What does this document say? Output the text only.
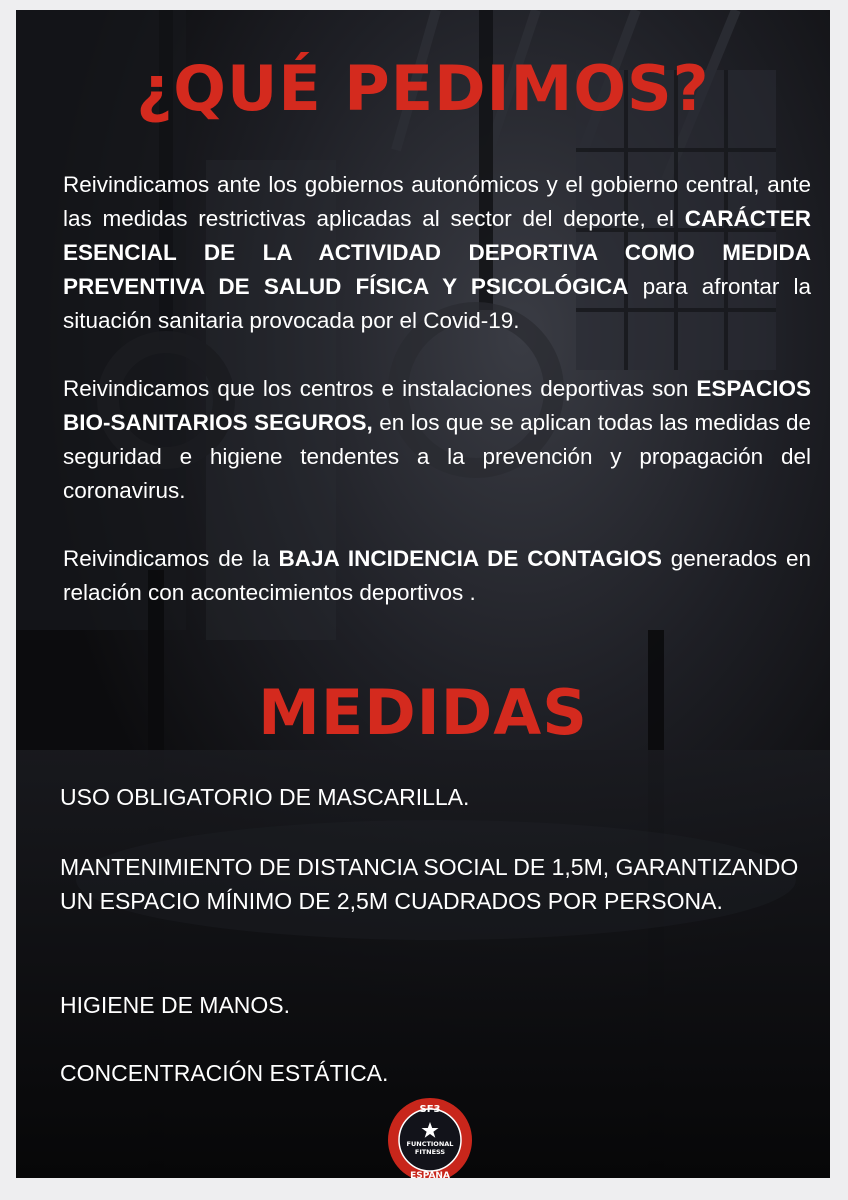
¿QUÉ PEDIMOS?

Reivindicamos ante los gobiernos autonómicos y el gobierno central, ante las medidas restrictivas aplicadas al sector del deporte, el CARÁCTER ESENCIAL DE LA ACTIVIDAD DEPORTIVA COMO MEDIDA PREVENTIVA DE SALUD FÍSICA Y PSICOLÓGICA para afrontar la situación sanitaria provocada por el Covid-19.

Reivindicamos que los centros e instalaciones deportivas son ESPACIOS BIO-SANITARIOS SEGUROS, en los que se aplican todas las medidas de seguridad e higiene tendentes a la prevención y propagación del coronavirus.

Reivindicamos de la BAJA INCIDENCIA DE CONTAGIOS generados en relación con acontecimientos deportivos .

MEDIDAS

USO OBLIGATORIO DE MASCARILLA.

MANTENIMIENTO DE DISTANCIA SOCIAL DE 1,5M, GARANTIZANDO UN ESPACIO MÍNIMO DE 2,5M CUADRADOS POR PERSONA.

HIGIENE DE MANOS.

CONCENTRACIÓN ESTÁTICA.

SF3
FUNCTIONAL
FITNESS
ESPAÑA
